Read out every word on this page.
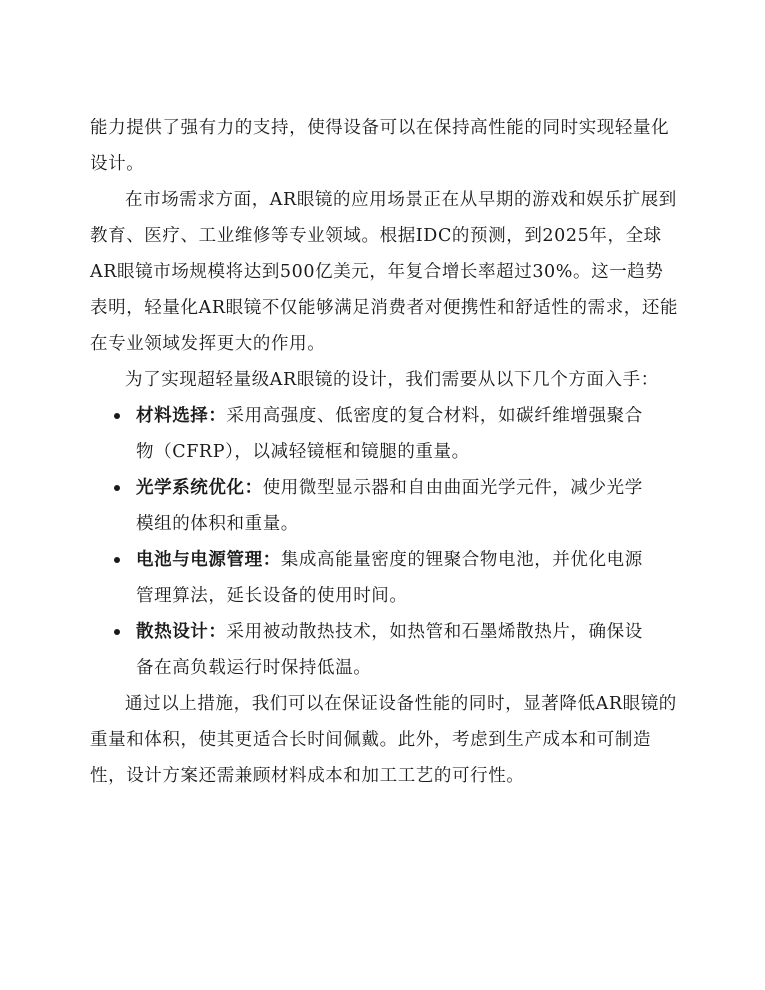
能力提供了强有力的支持，使得设备可以在保持高性能的同时实现轻量化设计。

在市场需求方面，AR眼镜的应用场景正在从早期的游戏和娱乐扩展到教育、医疗、工业维修等专业领域。根据IDC的预测，到2025年，全球AR眼镜市场规模将达到500亿美元，年复合增长率超过30%。这一趋势表明，轻量化AR眼镜不仅能够满足消费者对便携性和舒适性的需求，还能在专业领域发挥更大的作用。

为了实现超轻量级AR眼镜的设计，我们需要从以下几个方面入手：

材料选择：采用高强度、低密度的复合材料，如碳纤维增强聚合物（CFRP），以减轻镜框和镜腿的重量。
光学系统优化：使用微型显示器和自由曲面光学元件，减少光学模组的体积和重量。
电池与电源管理：集成高能量密度的锂聚合物电池，并优化电源管理算法，延长设备的使用时间。
散热设计：采用被动散热技术，如热管和石墨烯散热片，确保设备在高负载运行时保持低温。

通过以上措施，我们可以在保证设备性能的同时，显著降低AR眼镜的重量和体积，使其更适合长时间佩戴。此外，考虑到生产成本和可制造性，设计方案还需兼顾材料成本和加工工艺的可行性。
